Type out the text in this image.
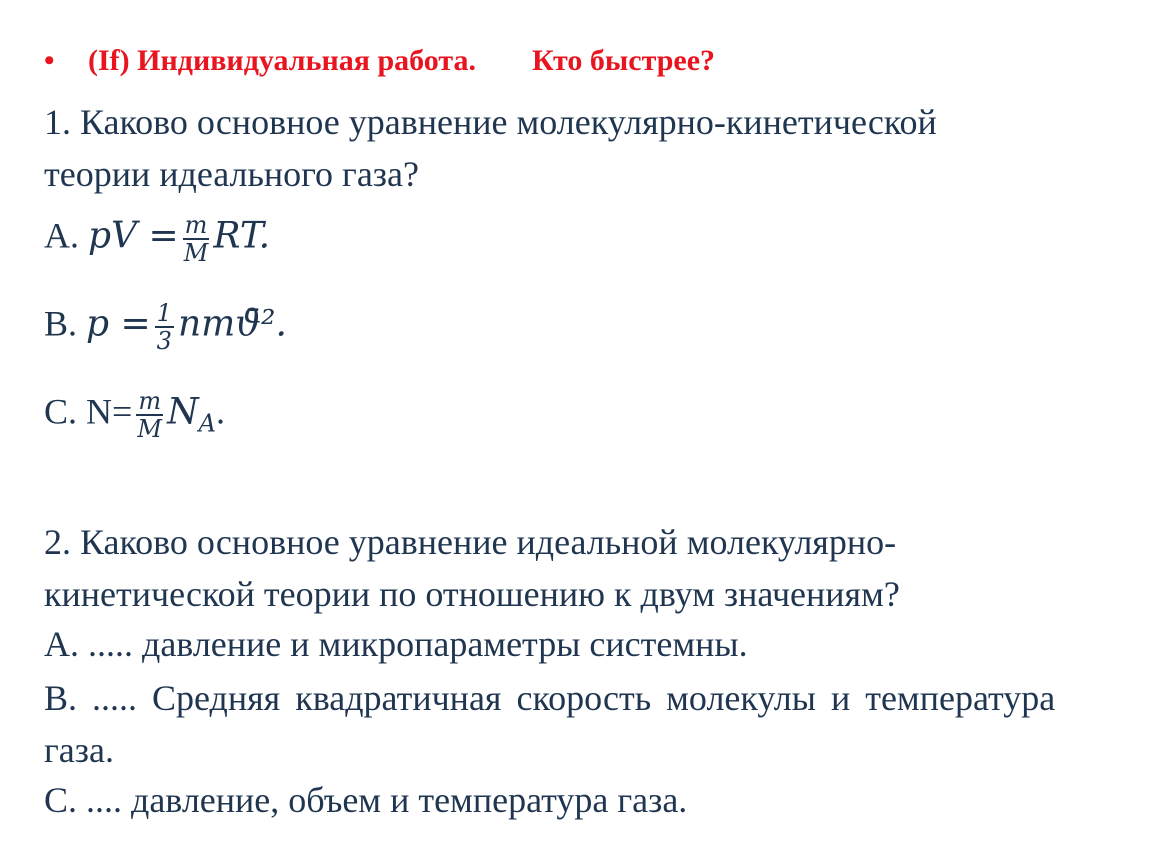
• (If) Индивидуальная работа. Кто быстрее?
1. Каково основное уравнение молекулярно-кинетической
теории идеального газа?
A. pV = $\frac{m}{M}$ RT.
B. $p = \frac{1}{3}$ nmϑ̄².
C. $N= \frac{m}{M} N_A$.
2. Каково основное уравнение идеальной молекулярно-
кинетической теории по отношению к двум значениям?
A. ..... давление и микропараметры системны.
B. ..... Средняя квадратичная скорость молекулы и температура газа.
C. .... давление, объем и температура газа.
